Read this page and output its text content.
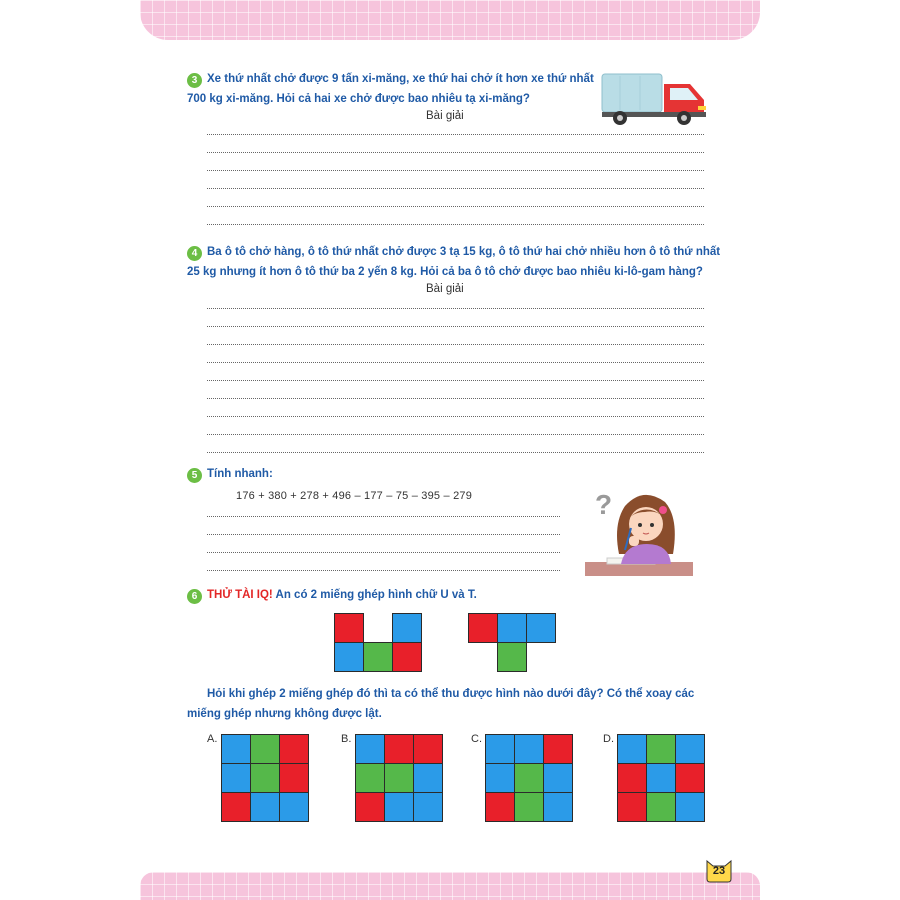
3 Xe thứ nhất chở được 9 tấn xi-măng, xe thứ hai chở ít hơn xe thứ nhất
700 kg xi-măng. Hỏi cả hai xe chở được bao nhiêu tạ xi-măng?
Bài giải
4 Ba ô tô chở hàng, ô tô thứ nhất chở được 3 tạ 15 kg, ô tô thứ hai chở nhiều hơn ô tô thứ nhất
25 kg nhưng ít hơn ô tô thứ ba 2 yến 8 kg. Hỏi cả ba ô tô chở được bao nhiêu ki-lô-gam hàng?
Bài giải
5 Tính nhanh:
176 + 380 + 278 + 496 – 177 – 75 – 395 – 279	?
6 THỬ TÀI IQ! An có 2 miếng ghép hình chữ U và T.
Hỏi khi ghép 2 miếng ghép đó thì ta có thể thu được hình nào dưới đây? Có thể xoay các
miếng ghép nhưng không được lật.
A.	B.	C.	D.
23
